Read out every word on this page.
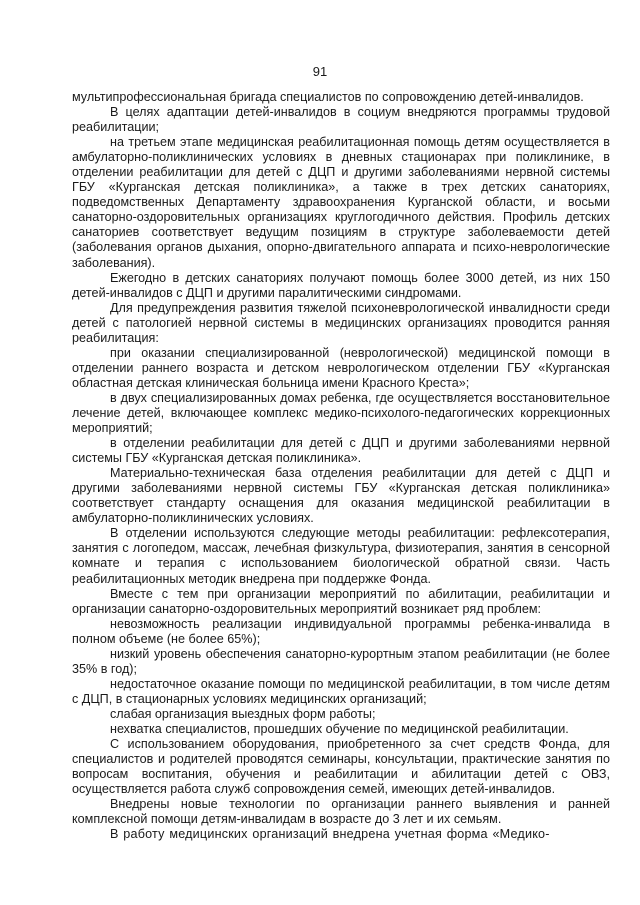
91

мультипрофессиональная бригада специалистов по сопровождению детей-инвалидов.

В целях адаптации детей-инвалидов в социум внедряются программы трудовой реабилитации;

на третьем этапе медицинская реабилитационная помощь детям осуществляется в амбулаторно-поликлинических условиях в дневных стационарах при поликлинике, в отделении реабилитации для детей с ДЦП и другими заболеваниями нервной системы ГБУ «Курганская детская поликлиника», а также в трех детских санаториях, подведомственных Департаменту здравоохранения Курганской области, и восьми санаторно-оздоровительных организациях круглогодичного действия. Профиль детских санаториев соответствует ведущим позициям в структуре заболеваемости детей (заболевания органов дыхания, опорно-двигательного аппарата и психо-неврологические заболевания).

Ежегодно в детских санаториях получают помощь более 3000 детей, из них 150 детей-инвалидов с ДЦП и другими паралитическими синдромами.

Для предупреждения развития тяжелой психоневрологической инвалидности среди детей с патологией нервной системы в медицинских организациях проводится ранняя реабилитация:

при оказании специализированной (неврологической) медицинской помощи в отделении раннего возраста и детском неврологическом отделении ГБУ «Курганская областная детская клиническая больница имени Красного Креста»;

в двух специализированных домах ребенка, где осуществляется восстановительное лечение детей, включающее комплекс медико-психолого-педагогических коррекционных мероприятий;

в отделении реабилитации для детей с ДЦП и другими заболеваниями нервной системы ГБУ «Курганская детская поликлиника».

Материально-техническая база отделения реабилитации для детей с ДЦП и другими заболеваниями нервной системы ГБУ «Курганская детская поликлиника» соответствует стандарту оснащения для оказания медицинской реабилитации в амбулаторно-поликлинических условиях.

В отделении используются следующие методы реабилитации: рефлексотерапия, занятия с логопедом, массаж, лечебная физкультура, физиотерапия, занятия в сенсорной комнате и терапия с использованием биологической обратной связи. Часть реабилитационных методик внедрена при поддержке Фонда.

Вместе с тем при организации мероприятий по абилитации, реабилитации и организации санаторно-оздоровительных мероприятий возникает ряд проблем:

невозможность реализации индивидуальной программы ребенка-инвалида в полном объеме (не более 65%);

низкий уровень обеспечения санаторно-курортным этапом реабилитации (не более 35% в год);

недостаточное оказание помощи по медицинской реабилитации, в том числе детям с ДЦП, в стационарных условиях медицинских организаций;

слабая организация выездных форм работы;

нехватка специалистов, прошедших обучение по медицинской реабилитации.

С использованием оборудования, приобретенного за счет средств Фонда, для специалистов и родителей проводятся семинары, консультации, практические занятия по вопросам воспитания, обучения и реабилитации и абилитации детей с ОВЗ, осуществляется работа служб сопровождения семей, имеющих детей-инвалидов.

Внедрены новые технологии по организации раннего выявления и ранней комплексной помощи детям-инвалидам в возрасте до 3 лет и их семьям.

В работу медицинских организаций внедрена учетная форма «Медико-
